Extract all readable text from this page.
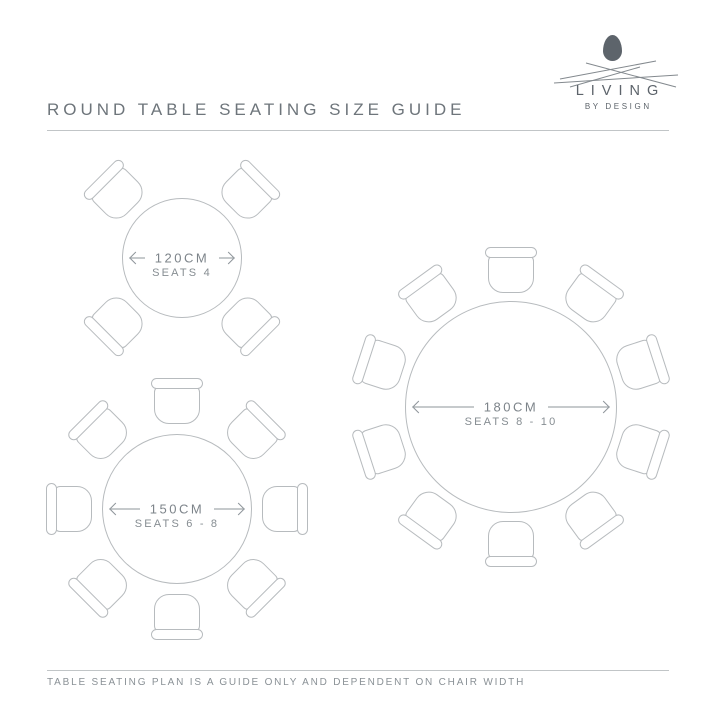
ROUND TABLE SEATING SIZE GUIDE
LIVING
BY DESIGN
120CM
SEATS 4
150CM
SEATS 6 - 8
180CM
SEATS 8 - 10
TABLE SEATING PLAN IS A GUIDE ONLY AND DEPENDENT ON CHAIR WIDTH
